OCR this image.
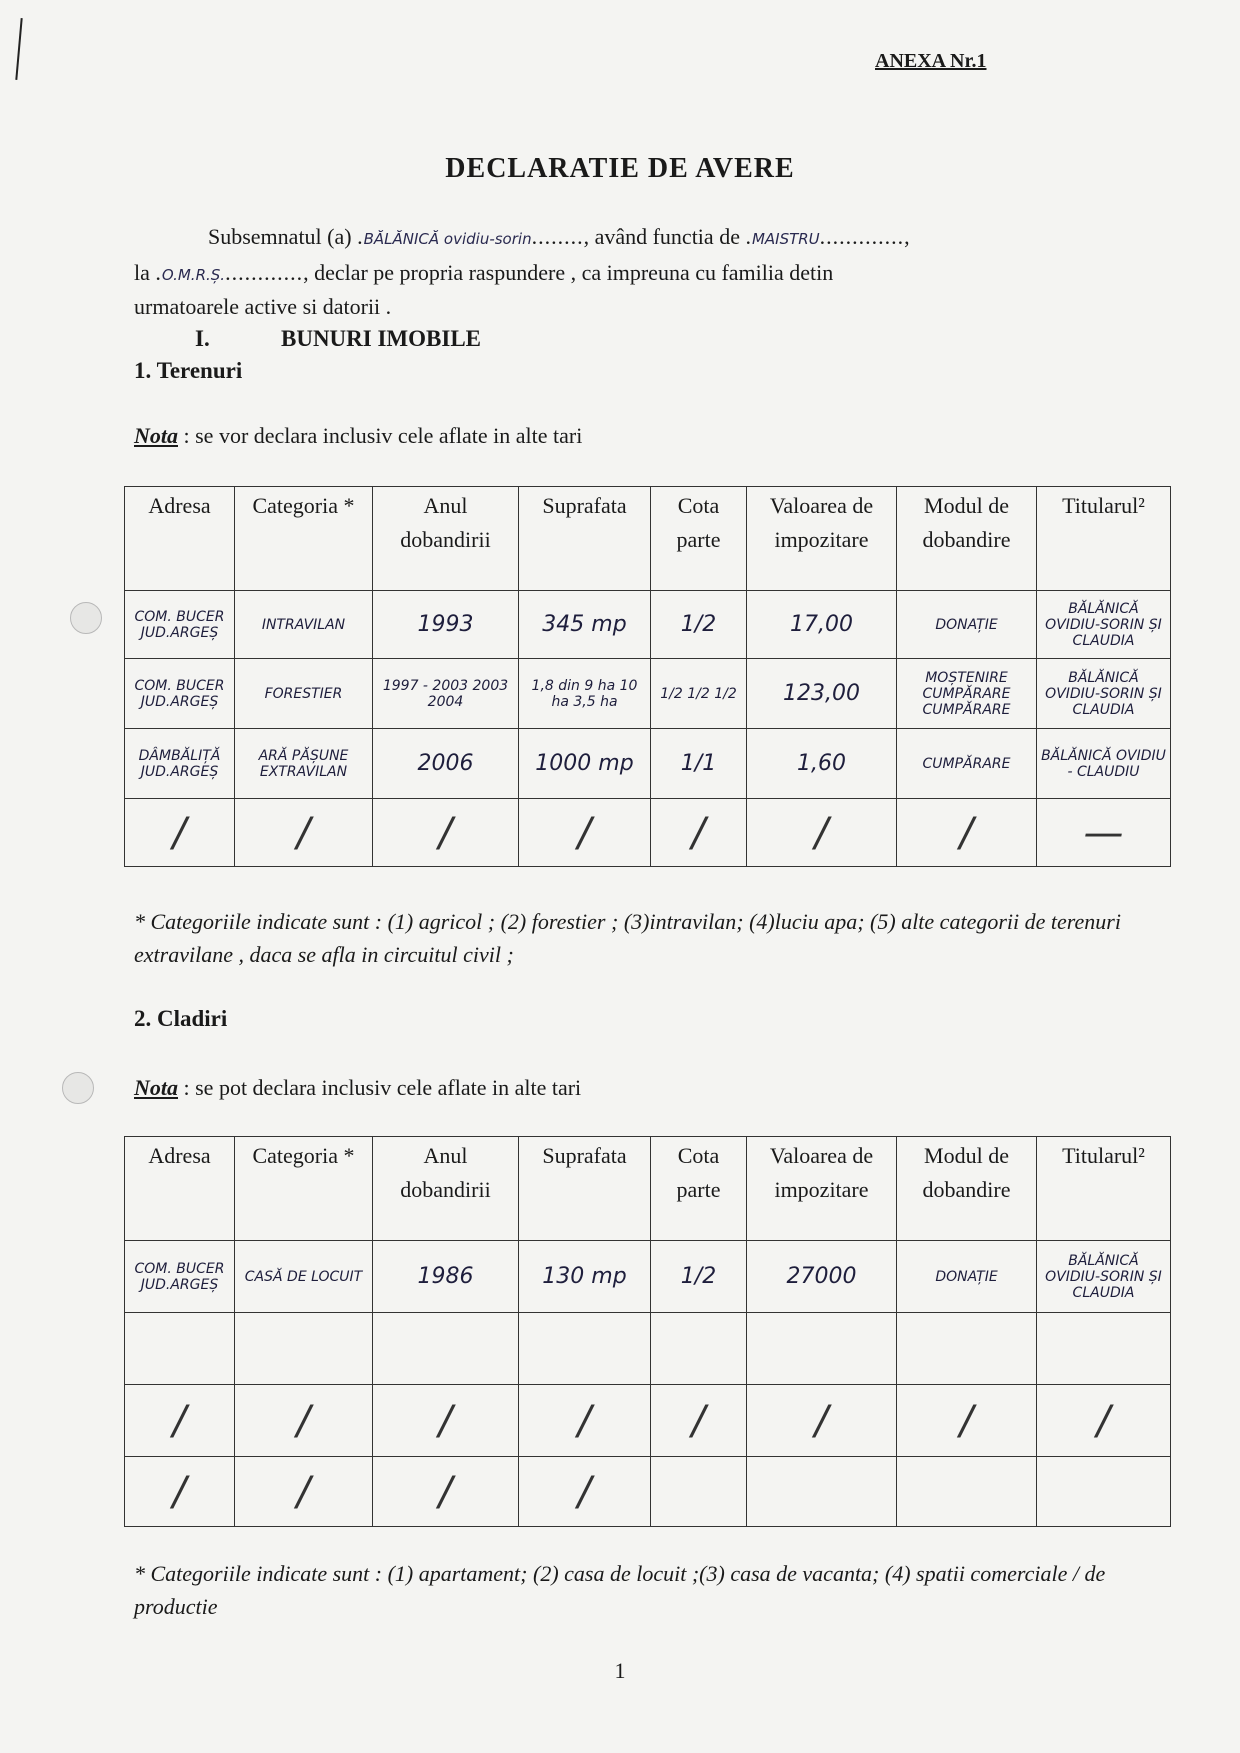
ANEXA Nr.1
DECLARATIE DE AVERE
Subsemnatul (a) .BĂLĂNICĂ ovidiu-sorin........, având functia de .MAISTRU.............,
la .O.M.R.Ș............., declar pe propria raspundere , ca impreuna cu familia detin
urmatoarele active si datorii .
I.	BUNURI IMOBILE
1. Terenuri
Nota : se vor declara inclusiv cele aflate in alte tari
Adresa	Categoria *	Anul dobandirii	Suprafata	Cota parte	Valoarea de impozitare	Modul de dobandire	Titularul²
COM. BUCER JUD.ARGEȘ	INTRAVILAN	1993	345 mp	1/2	17,00	DONAȚIE	BĂLĂNICĂ OVIDIU-SORIN ȘI CLAUDIA
COM. BUCER JUD.ARGEȘ	FORESTIER	1997 - 2003 2003 2004	1,8 din 9 ha 10 ha 3,5 ha	1/2 1/2 1/2	123,00	MOȘTENIRE CUMPĂRARE CUMPĂRARE	BĂLĂNICĂ OVIDIU-SORIN ȘI CLAUDIA
DÂMBĂLIȚĂ JUD.ARGEȘ	ARĂ PĂȘUNE EXTRAVILAN	2006	1000 mp	1/1	1,60	CUMPĂRARE	BĂLĂNICĂ OVIDIU - CLAUDIU
/	/	/	/	/	/	/	—
* Categoriile indicate sunt : (1) agricol ; (2) forestier ; (3)intravilan; (4)luciu apa; (5) alte categorii de terenuri extravilane , daca se afla in circuitul civil ;
2. Cladiri
Nota : se pot declara inclusiv cele aflate in alte tari
Adresa	Categoria *	Anul dobandirii	Suprafata	Cota parte	Valoarea de impozitare	Modul de dobandire	Titularul²
COM. BUCER JUD.ARGEȘ	CASĂ DE LOCUIT	1986	130 mp	1/2	27000	DONAȚIE	BĂLĂNICĂ OVIDIU-SORIN ȘI CLAUDIA

/	/	/	/	/	/	/	/
/	/	/	/				
* Categoriile indicate sunt : (1) apartament; (2) casa de locuit ;(3) casa de vacanta; (4) spatii comerciale / de productie
1
